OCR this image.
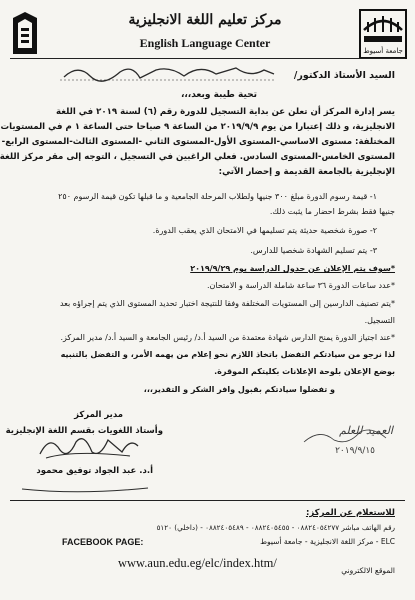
جامعة أسيوط
مركز تعليم اللغة الانجليزية
English Language Center
السيد الأستاذ الدكتور/
تحية طيبة وبعد،،،
يسر إدارة المركز أن تعلن عن بداية التسجيل للدورة رقم (٦) لسنة ٢٠١٩ في اللغة
الانجليزية، و ذلك إعتبارا من يوم ٢٠١٩/٩/٩ من الساعة ٩ صباحا حتى الساعة ١ م في المستويات
المختلفة: مستوى الاساسي-المستوى الأول-المستوى الثاني -المستوى الثالث-المستوى الرابع-
المستوى الخامس-المستوى السادس. فعلي الراغبين في التسجيل ، التوجه إلى مقر مركز اللغة
الإنجليزية بالجامعة القديمة و إحضار الآتي:
١- قيمة رسوم الدورة مبلغ ٣٠٠ جنيها ولطلاب المرحلة الجامعية و ما قبلها تكون قيمة الرسوم ٢٥٠
جنيها فقط بشرط احضار ما يثبت ذلك.
٢- صورة شخصية حديثة يتم تسليمها في الامتحان الذي يعقب الدورة.
٣- يتم تسليم الشهادة شخصيا للدارس.
*سوف يتم الإعلان عن جدول الدراسة يوم ٢٠١٩/٩/٢٩
*عدد ساعات الدورة ٣٦ ساعة شاملة الدراسة و الامتحان.
*يتم تصنيف الدارسين إلى المستويات المختلفة وفقا للنتيجة اختبار تحديد المستوى الذي يتم إجراؤه بعد
التسجيل.
*عند اجتياز الدورة يمنح الدارس شهادة معتمدة من السيد أ.د/ رئيس الجامعة و السيد أ.د/ مدير المركز.
لذا نرجو من سيادتكم التفضل باتخاذ اللازم نحو إعلام من يهمه الأمر، و التفضل بالتنبيه
بوضع الإعلان بلوحة الإعلانات بكليتكم الموقرة.
و تفضلوا سيادتكم بقبول وافر الشكر و التقدير،،،
مدير المركز
وأستاذ اللغويات بقسم اللغة الإنجليزية
أ.د. عبد الجواد توفيق محمود
العميد للعلم
٢٠١٩/٩/١٥
للاستعلام عن المركز:
رقم الهاتف مباشر ٠٨٨٢٤٠٥٤٢٧٧ - ٠٨٨٢٤٠٥٤٥٥ - ٠٨٨٢٤٠٥٤٨٩ - (داخلي) ٥١٢٠
FACEBOOK PAGE:	ELC - مركز اللغة الانجليزية - جامعة أسيوط
www.aun.edu.eg/elc/index.htm/
الموقع الالكتروني
